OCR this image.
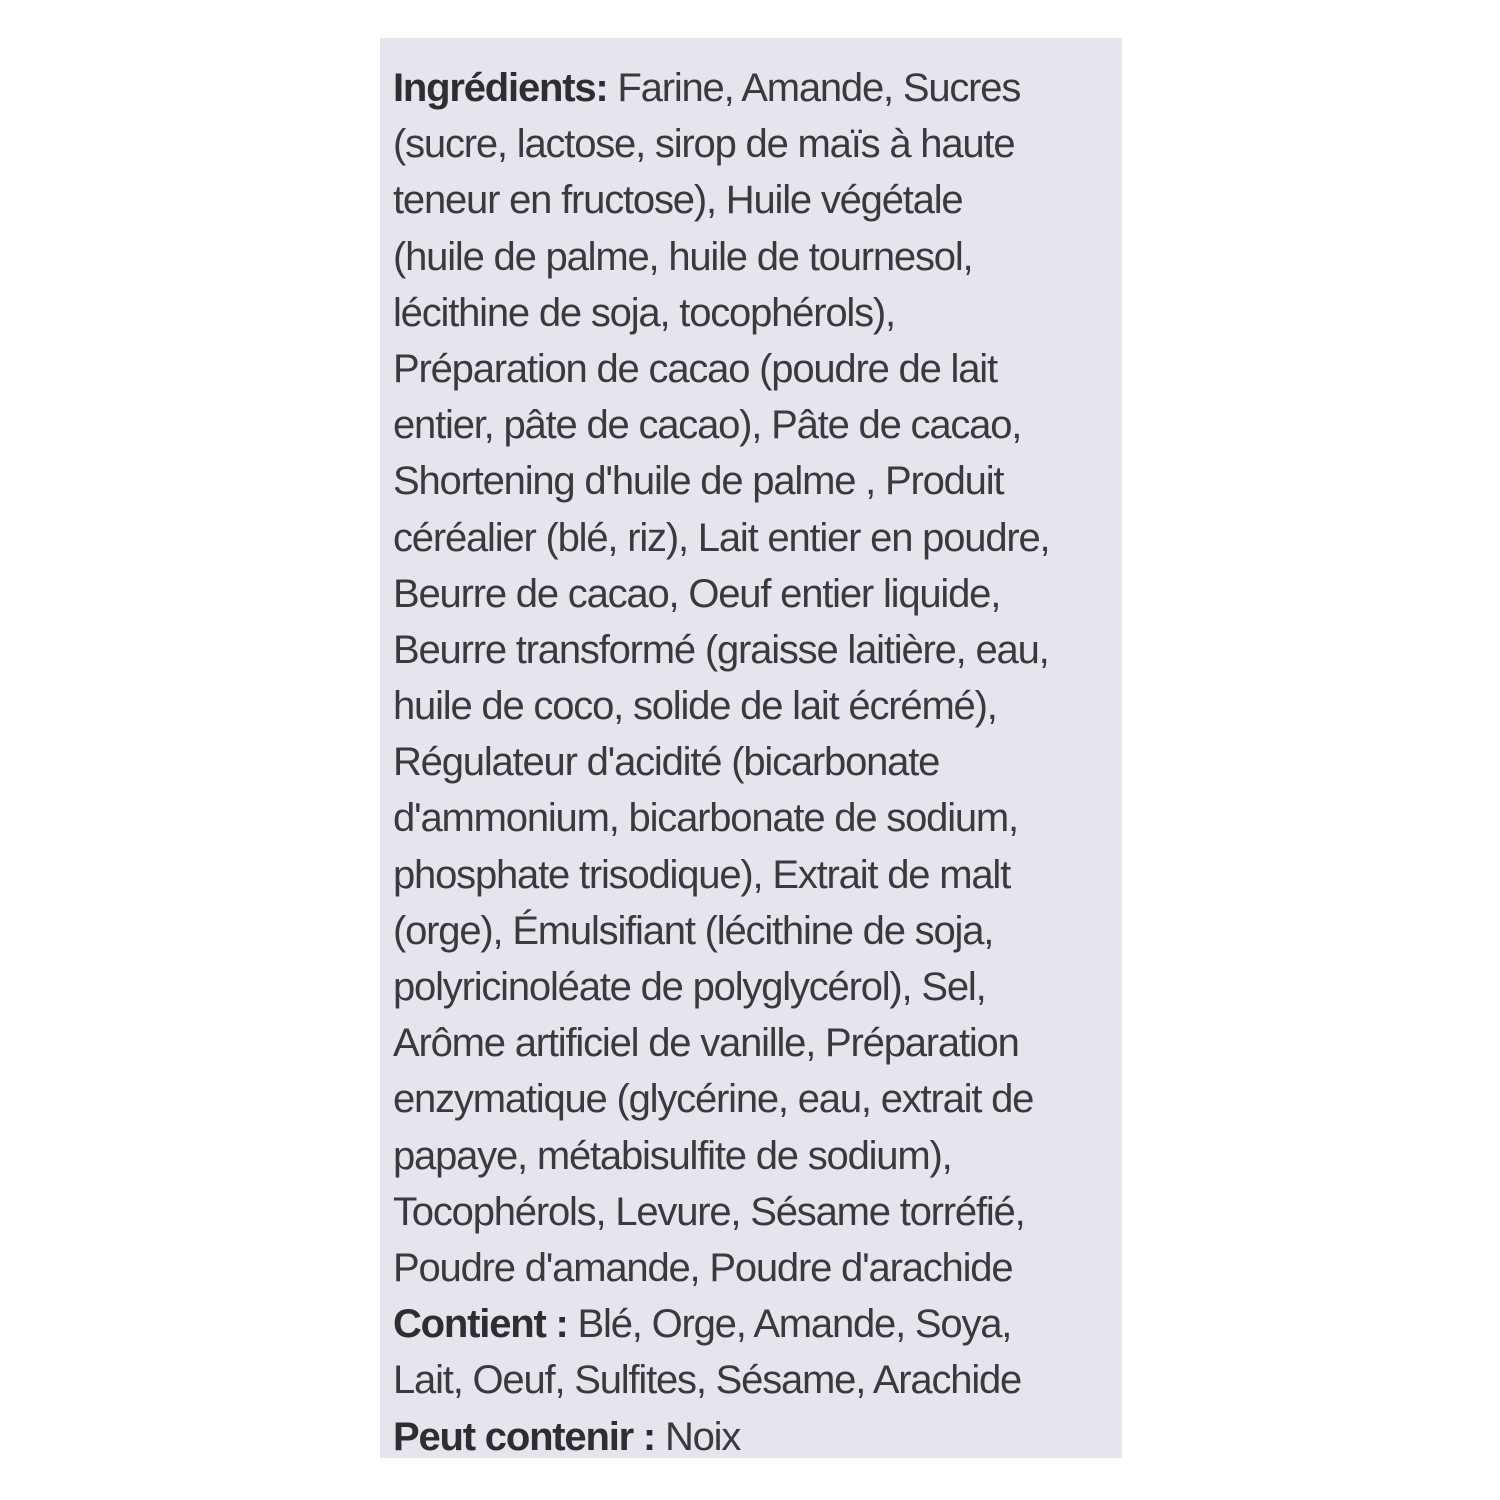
Ingrédients: Farine, Amande, Sucres
(sucre, lactose, sirop de maïs à haute
teneur en fructose), Huile végétale
(huile de palme, huile de tournesol,
lécithine de soja, tocophérols),
Préparation de cacao (poudre de lait
entier, pâte de cacao), Pâte de cacao,
Shortening d'huile de palme , Produit
céréalier (blé, riz), Lait entier en poudre,
Beurre de cacao, Oeuf entier liquide,
Beurre transformé (graisse laitière, eau,
huile de coco, solide de lait écrémé),
Régulateur d'acidité (bicarbonate
d'ammonium, bicarbonate de sodium,
phosphate trisodique), Extrait de malt
(orge), Émulsifiant (lécithine de soja,
polyricinoléate de polyglycérol), Sel,
Arôme artificiel de vanille, Préparation
enzymatique (glycérine, eau, extrait de
papaye, métabisulfite de sodium),
Tocophérols, Levure, Sésame torréfié,
Poudre d'amande, Poudre d'arachide
Contient : Blé, Orge, Amande, Soya,
Lait, Oeuf, Sulfites, Sésame, Arachide
Peut contenir : Noix
